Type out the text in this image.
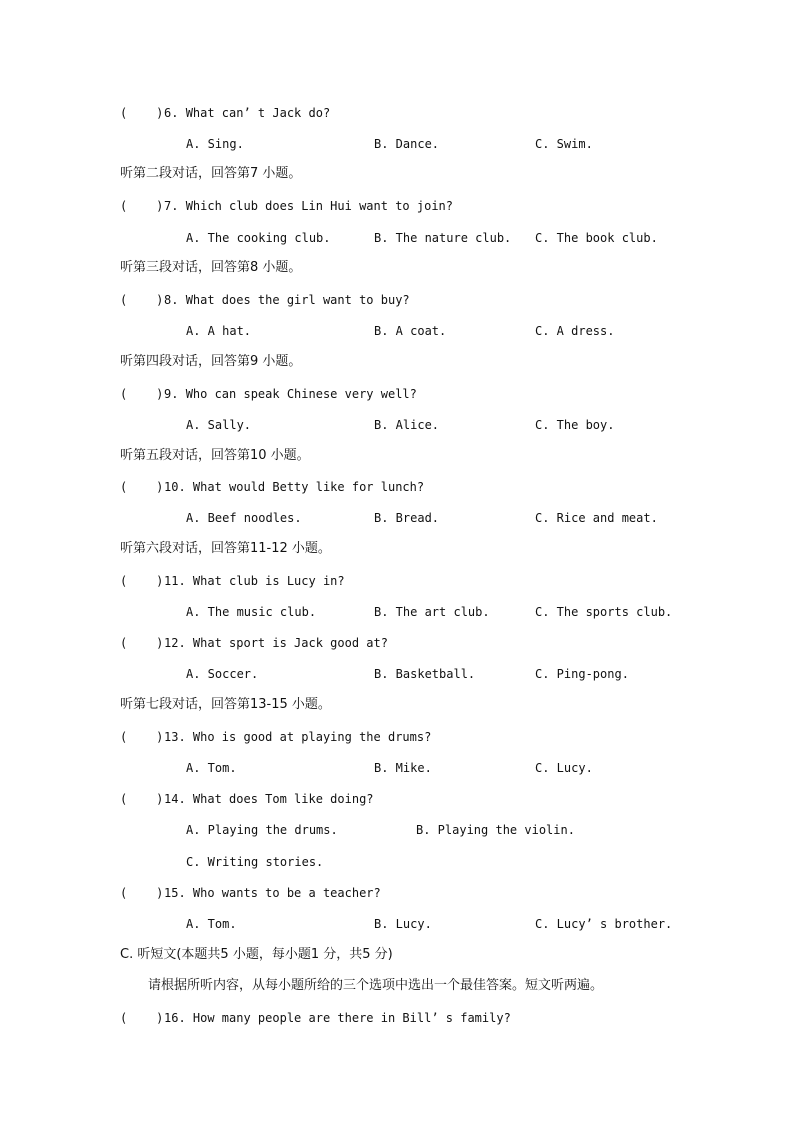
(    )6. What can’ t Jack do?
A. Sing.	B. Dance.	C. Swim.
听第二段对话，回答第7 小题。
(    )7. Which club does Lin Hui want to join?
A. The cooking club.	B. The nature club. C. The book club.
听第三段对话，回答第8 小题。
(    )8. What does the girl want to buy?
A. A hat.	B. A coat.	C. A dress.
听第四段对话，回答第9 小题。
(    )9. Who can speak Chinese very well?
A. Sally.	B. Alice.	C. The boy.
听第五段对话，回答第10 小题。
(    )10. What would Betty like for lunch?
A. Beef noodles.	B. Bread.	C. Rice and meat.
听第六段对话，回答第11-12 小题。
(    )11. What club is Lucy in?
A. The music club.	B. The art club.	C. The sports club.
(    )12. What sport is Jack good at?
A. Soccer.	B. Basketball.	C. Ping-pong.
听第七段对话，回答第13-15 小题。
(    )13. Who is good at playing the drums?
A. Tom.	B. Mike.	C. Lucy.
(    )14. What does Tom like doing?
A. Playing the drums.	B. Playing the violin.
C. Writing stories.
(    )15. Who wants to be a teacher?
A. Tom.	B. Lucy.	C. Lucy’ s brother.
C. 听短文(本题共5 小题，每小题1 分，共5 分)
请根据所听内容，从每小题所给的三个选项中选出一个最佳答案。短文听两遍。
(    )16. How many people are there in Bill’ s family?
